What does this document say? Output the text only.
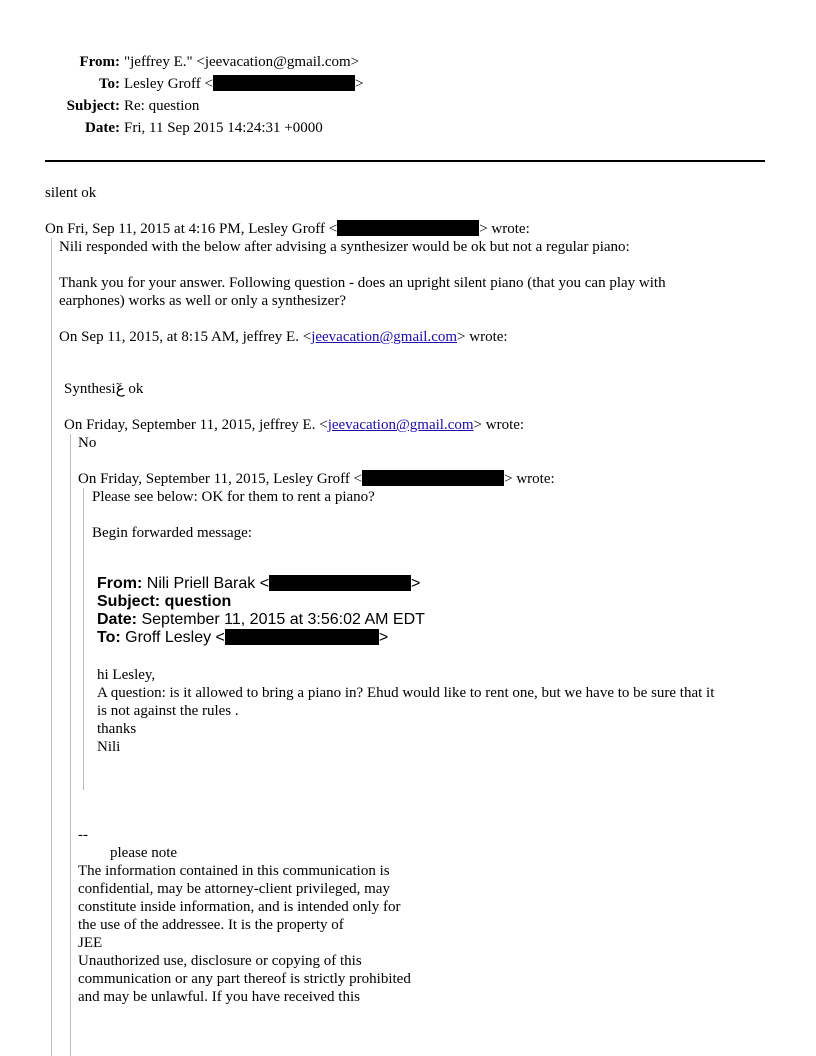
From: "jeffrey E." <jeevacation@gmail.com>
To: Lesley Groff <	>
Subject: Re: question
Date: Fri, 11 Sep 2015 14:24:31 +0000
silent ok
On Fri, Sep 11, 2015 at 4:16 PM, Lesley Groff <	> wrote:
Nili responded with the below after advising a synthesizer would be ok but not a regular piano:
Thank you for your answer. Following question - does an upright silent piano (that you can play with
earphones) works as well or only a synthesizer?
On Sep 11, 2015, at 8:15 AM, jeffrey E. <jeevacation@gmail.com> wrote:
Synthesiعٓ ok
On Friday, September 11, 2015, jeffrey E. <jeevacation@gmail.com> wrote:
No
On Friday, September 11, 2015, Lesley Groff <	> wrote:
Please see below: OK for them to rent a piano?
Begin forwarded message:
From: Nili Priell Barak <	>
Subject: question
Date: September 11, 2015 at 3:56:02 AM EDT
To: Groff Lesley <	>
hi Lesley,
A question: is it allowed to bring a piano in? Ehud would like to rent one, but we have to be sure that it
is not against the rules .
thanks
Nili
--
please note
The information contained in this communication is
confidential, may be attorney-client privileged, may
constitute inside information, and is intended only for
the use of the addressee. It is the property of
JEE
Unauthorized use, disclosure or copying of this
communication or any part thereof is strictly prohibited
and may be unlawful. If you have received this
